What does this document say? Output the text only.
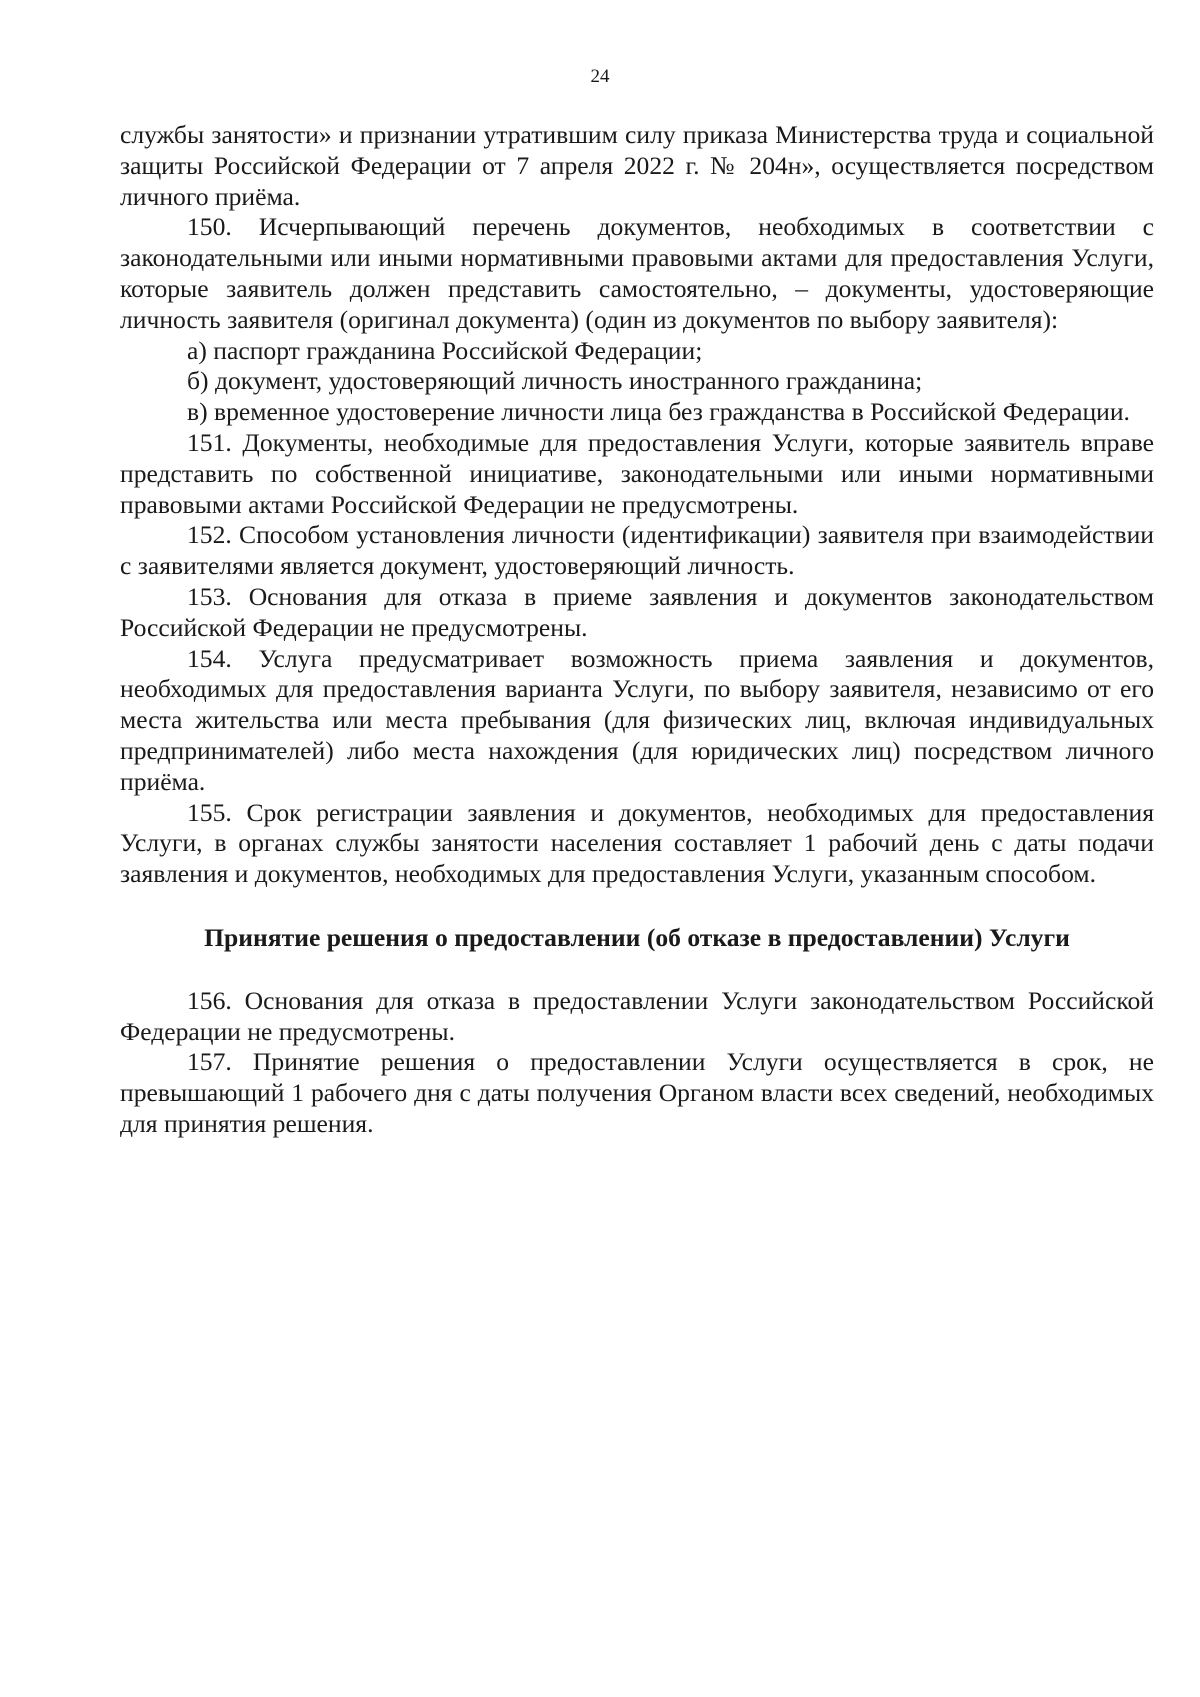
24

службы занятости» и признании утратившим силу приказа Министерства труда и социальной защиты Российской Федерации от 7 апреля 2022 г. № 204н», осуществляется посредством личного приёма.

150. Исчерпывающий перечень документов, необходимых в соответствии с законодательными или иными нормативными правовыми актами для предоставления Услуги, которые заявитель должен представить самостоятельно, – документы, удостоверяющие личность заявителя (оригинал документа) (один из документов по выбору заявителя):

а) паспорт гражданина Российской Федерации;

б) документ, удостоверяющий личность иностранного гражданина;

в) временное удостоверение личности лица без гражданства в Российской Федерации.

151. Документы, необходимые для предоставления Услуги, которые заявитель вправе представить по собственной инициативе, законодательными или иными нормативными правовыми актами Российской Федерации не предусмотрены.

152. Способом установления личности (идентификации) заявителя при взаимодействии с заявителями является документ, удостоверяющий личность.

153. Основания для отказа в приеме заявления и документов законодательством Российской Федерации не предусмотрены.

154. Услуга предусматривает возможность приема заявления и документов, необходимых для предоставления варианта Услуги, по выбору заявителя, независимо от его места жительства или места пребывания (для физических лиц, включая индивидуальных предпринимателей) либо места нахождения (для юридических лиц) посредством личного приёма.

155. Срок регистрации заявления и документов, необходимых для предоставления Услуги, в органах службы занятости населения составляет 1 рабочий день с даты подачи заявления и документов, необходимых для предоставления Услуги, указанным способом.

Принятие решения о предоставлении (об отказе в предоставлении) Услуги

156. Основания для отказа в предоставлении Услуги законодательством Российской Федерации не предусмотрены.

157. Принятие решения о предоставлении Услуги осуществляется в срок, не превышающий 1 рабочего дня с даты получения Органом власти всех сведений, необходимых для принятия решения.
